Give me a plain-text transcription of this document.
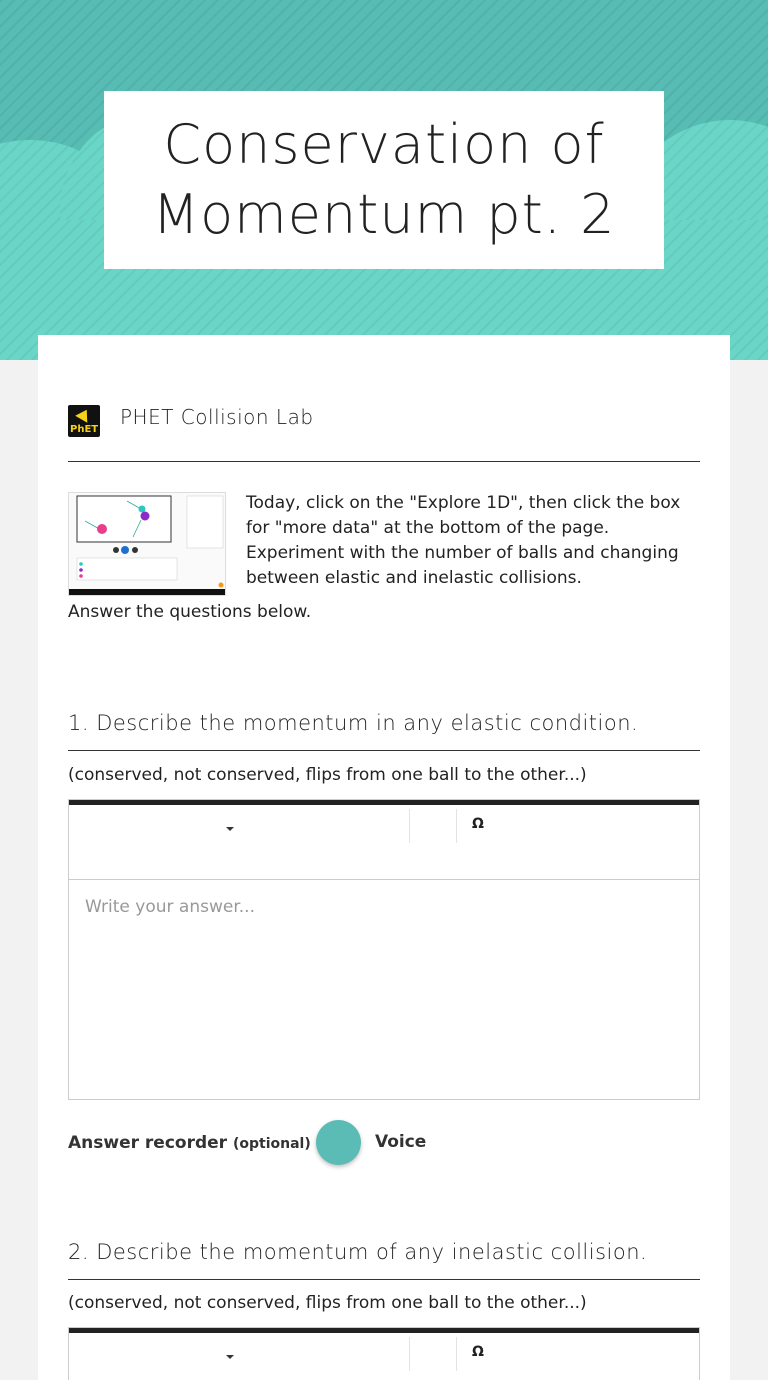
Conservation of Momentum pt. 2
PhET
PHET Collision Lab
Today, click on the "Explore 1D", then click the box for "more data" at the bottom of the page. Experiment with the number of balls and changing between elastic and inelastic collisions.
Answer the questions below.
1. Describe the momentum in any elastic condition.
(conserved, not conserved, flips from one ball to the other...)
Ω
Write your answer...
Answer recorder (optional)	Voice
2. Describe the momentum of any inelastic collision.
(conserved, not conserved, flips from one ball to the other...)
Ω
